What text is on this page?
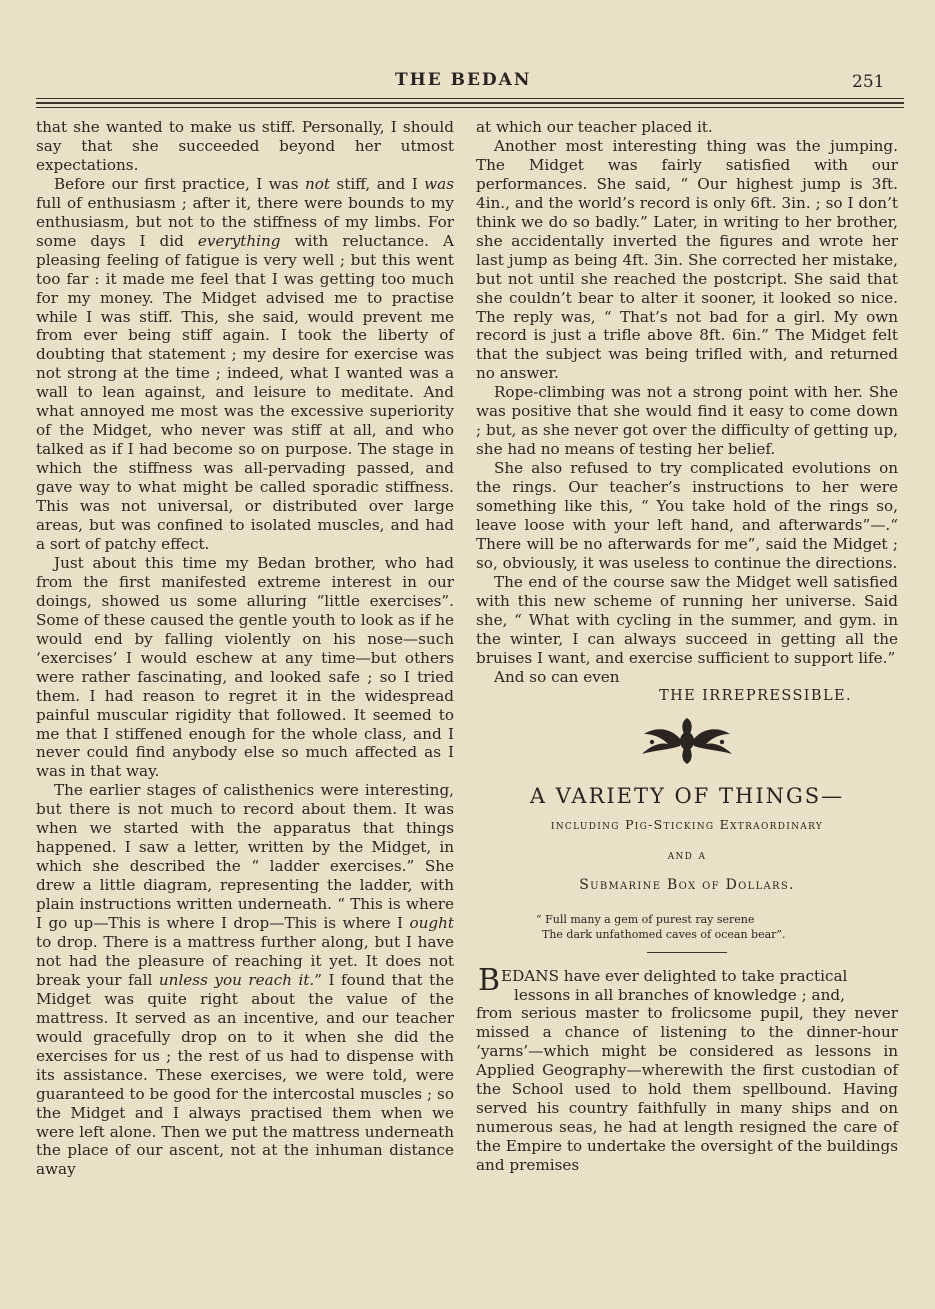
THE BEDAN	251

that she wanted to make us stiff. Personally, I should say that she succeeded beyond her utmost expectations.

Before our first practice, I was not stiff, and I was full of enthusiasm ; after it, there were bounds to my enthusiasm, but not to the stiffness of my limbs. For some days I did everything with reluctance. A pleasing feeling of fatigue is very well ; but this went too far : it made me feel that I was getting too much for my money. The Midget advised me to practise while I was stiff. This, she said, would prevent me from ever being stiff again. I took the liberty of doubting that statement ; my desire for exercise was not strong at the time ; indeed, what I wanted was a wall to lean against, and leisure to meditate. And what annoyed me most was the excessive superiority of the Midget, who never was stiff at all, and who talked as if I had become so on purpose. The stage in which the stiffness was all-pervading passed, and gave way to what might be called sporadic stiffness. This was not universal, or distributed over large areas, but was confined to isolated muscles, and had a sort of patchy effect.

Just about this time my Bedan brother, who had from the first manifested extreme interest in our doings, showed us some alluring “little exercises”. Some of these caused the gentle youth to look as if he would end by falling violently on his nose—such ‘exercises’ I would eschew at any time—but others were rather fascinating, and looked safe ; so I tried them. I had reason to regret it in the widespread painful muscular rigidity that followed. It seemed to me that I stiffened enough for the whole class, and I never could find anybody else so much affected as I was in that way.

The earlier stages of calisthenics were interesting, but there is not much to record about them. It was when we started with the apparatus that things happened. I saw a letter, written by the Midget, in which she described the “ ladder exercises.” She drew a little diagram, representing the ladder, with plain instructions written underneath. “ This is where I go up—This is where I drop—This is where I ought to drop. There is a mattress further along, but I have not had the pleasure of reaching it yet. It does not break your fall unless you reach it.” I found that the Midget was quite right about the value of the mattress. It served as an incentive, and our teacher would gracefully drop on to it when she did the exercises for us ; the rest of us had to dispense with its assistance. These exercises, we were told, were guaranteed to be good for the intercostal muscles ; so the Midget and I always practised them when we were left alone. Then we put the mattress underneath the place of our ascent, not at the inhuman distance away

at which our teacher placed it.

Another most interesting thing was the jumping. The Midget was fairly satisfied with our performances. She said, “ Our highest jump is 3ft. 4in., and the world’s record is only 6ft. 3in. ; so I don’t think we do so badly.” Later, in writing to her brother, she accidentally inverted the figures and wrote her last jump as being 4ft. 3in. She corrected her mistake, but not until she reached the postcript. She said that she couldn’t bear to alter it sooner, it looked so nice. The reply was, “ That’s not bad for a girl. My own record is just a trifle above 8ft. 6in.” The Midget felt that the subject was being trifled with, and returned no answer.

Rope-climbing was not a strong point with her. She was positive that she would find it easy to come down ; but, as she never got over the difficulty of getting up, she had no means of testing her belief.

She also refused to try complicated evolutions on the rings. Our teacher’s instructions to her were something like this, “ You take hold of the rings so, leave loose with your left hand, and afterwards”—.“ There will be no afterwards for me”, said the Midget ; so, obviously, it was useless to continue the directions.

The end of the course saw the Midget well satisfied with this new scheme of running her universe. Said she, “ What with cycling in the summer, and gym. in the winter, I can always succeed in getting all the bruises I want, and exercise sufficient to support life.”

And so can even

THE IRREPRESSIBLE.

A VARIETY OF THINGS—
including Pig-Sticking Extraordinary
and a
Submarine Box of Dollars.
“ Full many a gem of purest ray serene
The dark unfathomed caves of ocean bear”.

BEDANS have ever delighted to take practical
lessons in all branches of knowledge ; and,
from serious master to frolicsome pupil, they never missed a chance of listening to the dinner-hour ‘yarns’—which might be considered as lessons in Applied Geography—wherewith the first custodian of the School used to hold them spellbound. Having served his country faithfully in many ships and on numerous seas, he had at length resigned the care of the Empire to undertake the oversight of the buildings and premises
